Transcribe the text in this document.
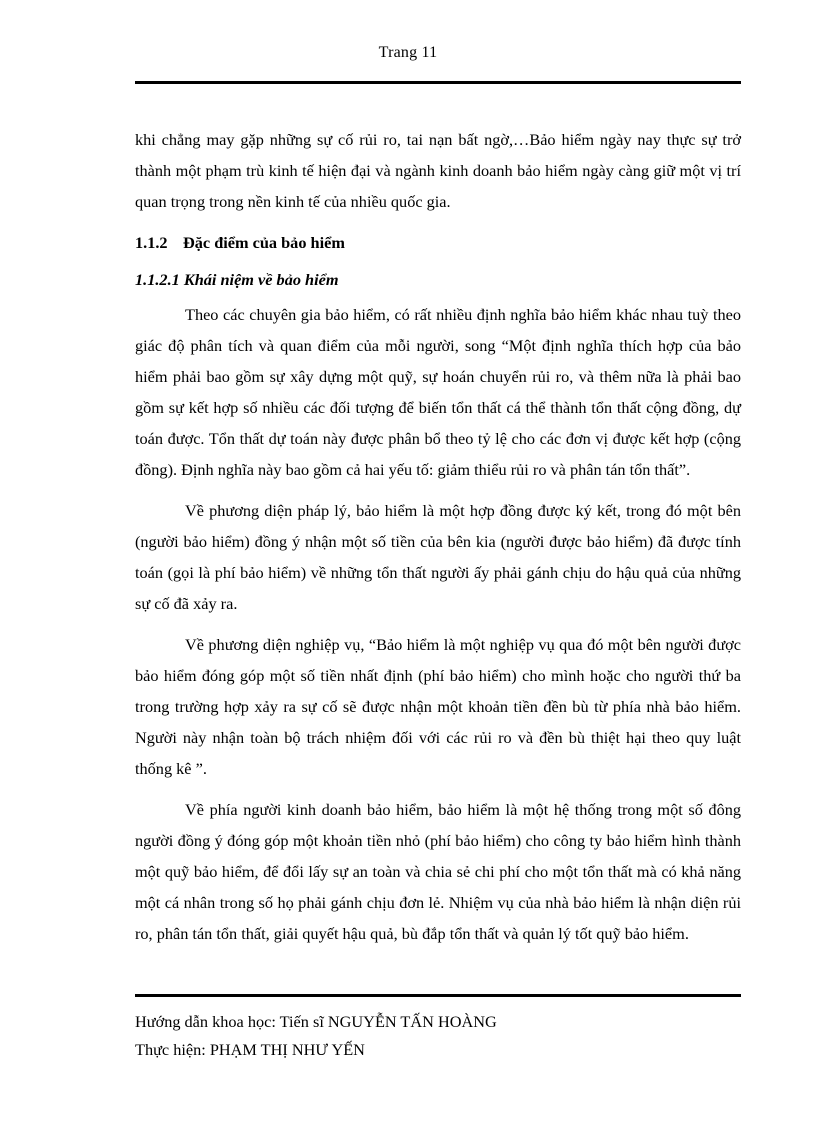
Trang 11

khi chẳng may gặp những sự cố rủi ro, tai nạn bất ngờ,…Bảo hiểm ngày nay thực sự trở thành một phạm trù kinh tế hiện đại và ngành kinh doanh bảo hiểm ngày càng giữ một vị trí quan trọng trong nền kinh tế của nhiều quốc gia.

1.1.2 Đặc điểm của bảo hiểm
1.1.2.1 Khái niệm về bảo hiểm

Theo các chuyên gia bảo hiểm, có rất nhiều định nghĩa bảo hiểm khác nhau tuỳ theo giác độ phân tích và quan điểm của mỗi người, song “Một định nghĩa thích hợp của bảo hiểm phải bao gồm sự xây dựng một quỹ, sự hoán chuyển rủi ro, và thêm nữa là phải bao gồm sự kết hợp số nhiều các đối tượng để biến tổn thất cá thể thành tổn thất cộng đồng, dự toán được. Tổn thất dự toán này được phân bổ theo tỷ lệ cho các đơn vị được kết hợp (cộng đồng). Định nghĩa này bao gồm cả hai yếu tố: giảm thiểu rủi ro và phân tán tổn thất”.

Về phương diện pháp lý, bảo hiểm là một hợp đồng được ký kết, trong đó một bên (người bảo hiểm) đồng ý nhận một số tiền của bên kia (người được bảo hiểm) đã được tính toán (gọi là phí bảo hiểm) về những tổn thất người ấy phải gánh chịu do hậu quả của những sự cố đã xảy ra.

Về phương diện nghiệp vụ, “Bảo hiểm là một nghiệp vụ qua đó một bên người được bảo hiểm đóng góp một số tiền nhất định (phí bảo hiểm) cho mình hoặc cho người thứ ba trong trường hợp xảy ra sự cố sẽ được nhận một khoản tiền đền bù từ phía nhà bảo hiểm. Người này nhận toàn bộ trách nhiệm đối với các rủi ro và đền bù thiệt hại theo quy luật thống kê ”.

Về phía người kinh doanh bảo hiểm, bảo hiểm là một hệ thống trong một số đông người đồng ý đóng góp một khoản tiền nhỏ (phí bảo hiểm) cho công ty bảo hiểm hình thành một quỹ bảo hiểm, để đổi lấy sự an toàn và chia sẻ chi phí cho một tổn thất mà có khả năng một cá nhân trong số họ phải gánh chịu đơn lẻ. Nhiệm vụ của nhà bảo hiểm là nhận diện rủi ro, phân tán tổn thất, giải quyết hậu quả, bù đắp tổn thất và quản lý tốt quỹ bảo hiểm.

Hướng dẫn khoa học: Tiến sĩ NGUYỄN TẤN HOÀNG
Thực hiện: PHẠM THỊ NHƯ YẾN
